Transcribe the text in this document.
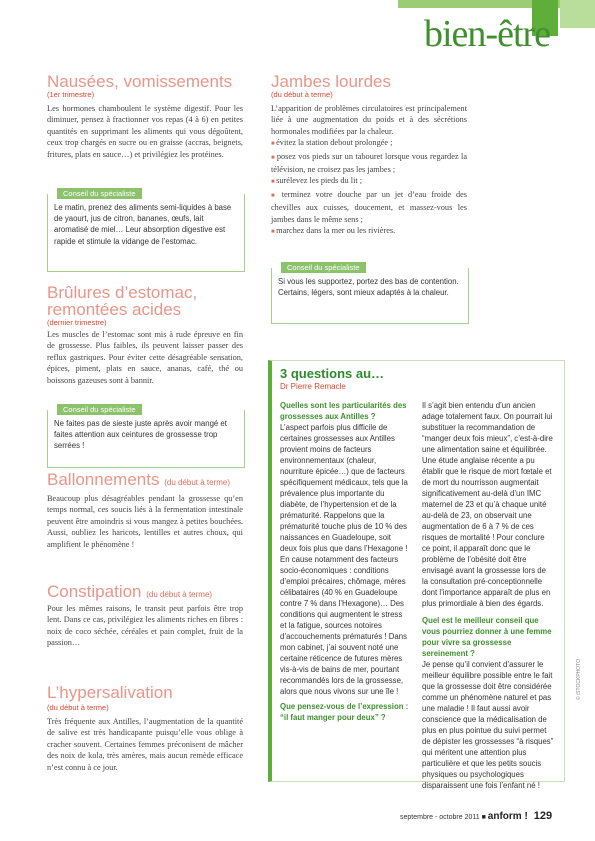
bien-être
Nausées, vomissements
(1er trimestre)
Les hormones chamboulent le système digestif. Pour les diminuer, pensez à fractionner vos repas (4 à 6) en petites quantités en supprimant les aliments qui vous dégoûtent, ceux trop chargés en sucre ou en graisse (accras, beignets, fritures, plats en sauce…) et privilégiez les protéines.
Le matin, prenez des aliments semi-liquides à base de yaourt, jus de citron, bananes, œufs, lait aromatisé de miel… Leur absorption digestive est rapide et stimule la vidange de l’estomac.
Conseil du spécialiste
Brûlures d’estomac,
remontées acides
(dernier trimestre)
Les muscles de l’estomac sont mis à rude épreuve en fin de grossesse. Plus faibles, ils peuvent laisser passer des reflux gastriques. Pour éviter cette désagréable sensation, épices, piment, plats en sauce, ananas, café, thé ou boissons gazeuses sont à bannir.
Ne faites pas de sieste juste après avoir mangé et faites attention aux ceintures de grossesse trop serrées !
Conseil du spécialiste
Ballonnements (du début à terme)
Beaucoup plus désagréables pendant la grossesse qu’en temps normal, ces soucis liés à la fermentation intestinale peuvent être amoindris si vous mangez à petites bouchées. Aussi, oubliez les haricots, lentilles et autres choux, qui amplifient le phénomène !
Constipation (du début à terme)
Pour les mêmes raisons, le transit peut parfois être trop lent. Dans ce cas, privilégiez les aliments riches en fibres : noix de coco séchée, céréales et pain complet, fruit de la passion…
L’hypersalivation
(du début à terme)
Très fréquente aux Antilles, l’augmentation de la quantité de salive est très handicapante puisqu’elle vous oblige à cracher souvent. Certaines femmes préconisent de mâcher des noix de kola, très amères, mais aucun remède efficace n’est connu à ce jour.
Jambes lourdes
(du début à terme)
L’apparition de problèmes circulatoires est principalement liée à une augmentation du poids et à des sécrétions hormonales modifiées par la chaleur.
■ évitez la station debout prolongée ;
■ posez vos pieds sur un tabouret lorsque vous regardez la télévision, ne croisez pas les jambes ;
■ surélevez les pieds du lit ;
■ terminez votre douche par un jet d’eau froide des chevilles aux cuisses, doucement, et massez-vous les jambes dans le même sens ;
■ marchez dans la mer ou les rivières.
Si vous les supportez, portez des bas de contention. Certains, légers, sont mieux adaptés à la chaleur.
Conseil du spécialiste
3 questions au…
Dr Pierre Remacle
Quelles sont les particularités des grossesses aux Antilles ?
L’aspect parfois plus difficile de certaines grossesses aux Antilles provient moins de facteurs environnementaux (chaleur, nourriture épicée…) que de facteurs spécifiquement médicaux, tels que la prévalence plus importante du diabète, de l’hypertension et de la prématurité. Rappelons que la prématurité touche plus de 10 % des naissances en Guadeloupe, soit deux fois plus que dans l’Hexagone ! En cause notamment des facteurs socio-économiques : conditions d’emploi précaires, chômage, mères célibataires (40 % en Guadeloupe contre 7 % dans l’Hexagone)… Des conditions qui augmentent le stress et la fatigue, sources notoires d’accouchements prématurés ! Dans mon cabinet, j’ai souvent noté une certaine réticence de futures mères vis-à-vis de bains de mer, pourtant recommandés lors de la grossesse, alors que nous vivons sur une île !
Que pensez-vous de l’expression : “il faut manger pour deux” ?
Il s’agit bien entendu d’un ancien adage totalement faux. On pourrait lui substituer la recommandation de “manger deux fois mieux”, c’est-à-dire une alimentation saine et équilibrée. Une étude anglaise récente a pu établir que le risque de mort fœtale et de mort du nourrisson augmentait significativement au-delà d’un IMC maternel de 23 et qu’à chaque unité au-delà de 23, on observait une augmentation de 6 à 7 % de ces risques de mortalité ! Pour conclure ce point, il apparaît donc que le problème de l’obésité doit être envisagé avant la grossesse lors de la consultation pré-conceptionnelle dont l’importance apparaît de plus en plus primordiale à bien des égards.
Quel est le meilleur conseil que vous pourriez donner à une femme pour vivre sa grossesse sereinement ?
Je pense qu’il convient d’assurer le meilleur équilibre possible entre le fait que la grossesse doit être considérée comme un phénomène naturel et pas une maladie ! Il faut aussi avoir conscience que la médicalisation de plus en plus pointue du suivi permet de dépister les grossesses “à risques” qui méritent une attention plus particulière et que les petits soucis physiques ou psychologiques disparaissent une fois l’enfant né !
© iSTOCKPHOTO
septembre - octobre 2011 ■ anform ! 129
